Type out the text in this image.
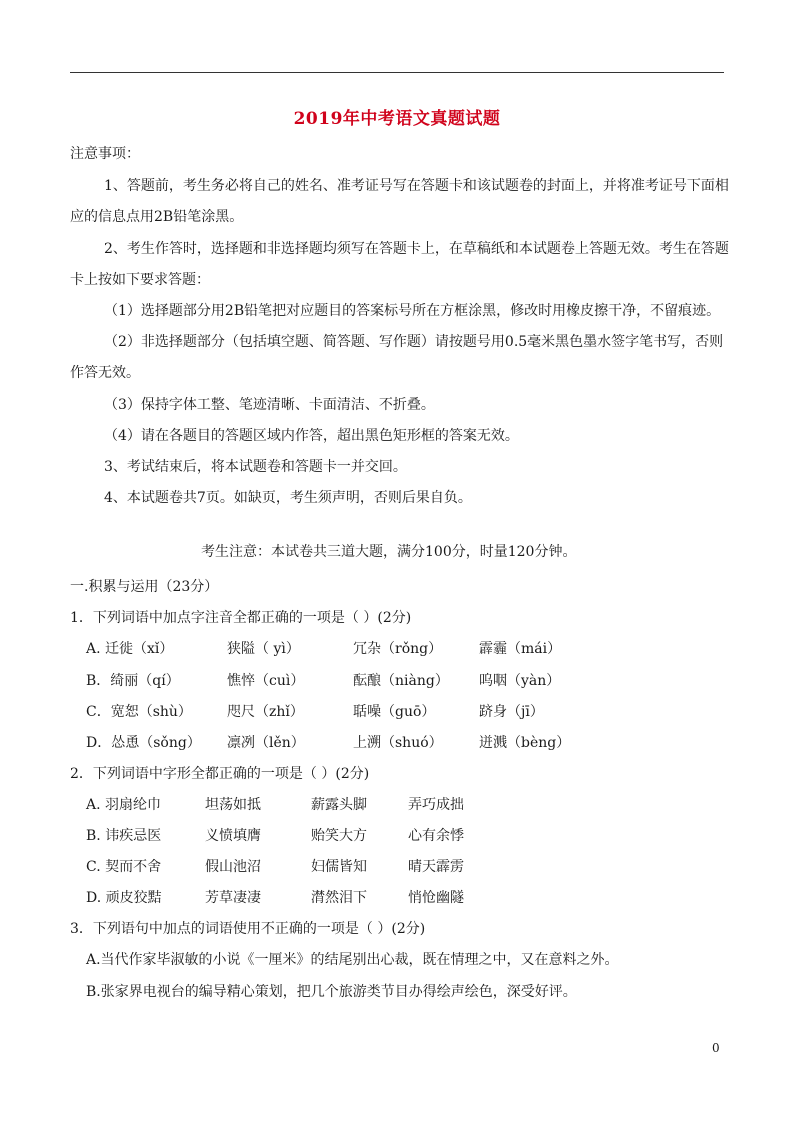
2019年中考语文真题试题
注意事项：
1、答题前，考生务必将自己的姓名、准考证号写在答题卡和该试题卷的封面上，并将准考证号下面相
应的信息点用2B铅笔涂黑。
2、考生作答时，选择题和非选择题均须写在答题卡上，在草稿纸和本试题卷上答题无效。考生在答题
卡上按如下要求答题：
（1）选择题部分用2B铅笔把对应题目的答案标号所在方框涂黑，修改时用橡皮擦干净，不留痕迹。
（2）非选择题部分（包括填空题、简答题、写作题）请按题号用0.5毫米黑色墨水签字笔书写，否则
作答无效。
（3）保持字体工整、笔迹清晰、卡面清洁、不折叠。
（4）请在各题目的答题区域内作答，超出黑色矩形框的答案无效。
3、考试结束后，将本试题卷和答题卡一并交回。
4、本试题卷共7页。如缺页，考生须声明，否则后果自负。
考生注意：本试卷共三道大题，满分100分，时量120分钟。
一.积累与运用（23分）
1．下列词语中加点字注音全都正确的一项是（ ）(2分)
A. 迁徙（xǐ）	狭隘（ yì）	冗杂（rǒng）	霹霾（mái）
B．绮丽（qí）	憔悴（cuì）	酝酿（niàng） 呜咽（yàn）
C．宽恕（shù）	咫尺（zhǐ）	聒噪（guō）	跻身（jī）
D．怂恿（sǒng） 凛冽（lěn）	上溯（shuó）	迸溅（bèng）
2．下列词语中字形全都正确的一项是（ ）(2分)
A. 羽扇纶巾	坦荡如抵	薪露头脚	弄巧成拙
B. 讳疾忌医	义愤填膺	贻笑大方	心有余悸
C. 契而不舍	假山池沼	妇儒皆知	晴天霹雳
D. 顽皮狡黠	芳草凄凄	潸然泪下	悄怆幽隧
3．下列语句中加点的词语使用不正确的一项是（ ）(2分)
A.当代作家毕淑敏的小说《一厘米》的结尾别出心裁，既在情理之中，又在意料之外。
B.张家界电视台的编导精心策划，把几个旅游类节目办得绘声绘色，深受好评。
0
